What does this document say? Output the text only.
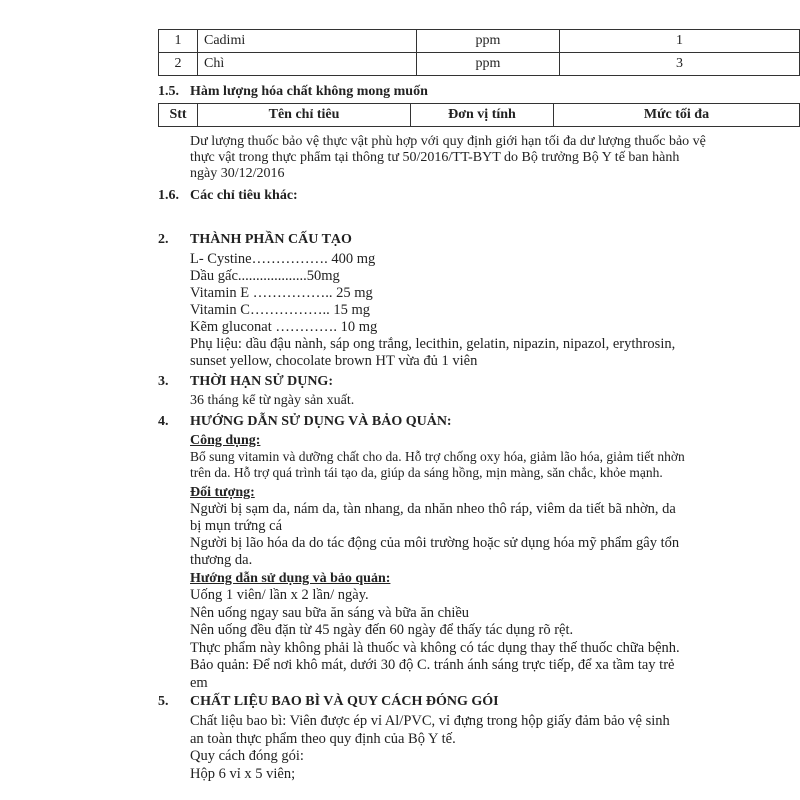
1	Cadimi	ppm	1
2	Chì	ppm	3
1.5. Hàm lượng hóa chất không mong muốn
Stt	Tên chỉ tiêu	Đơn vị tính	Mức tối đa
Dư lượng thuốc bảo vệ thực vật phù hợp với quy định giới hạn tối đa dư lượng thuốc bảo vệ
thực vật trong thực phẩm tại thông tư 50/2016/TT-BYT do Bộ trưởng Bộ Y tế ban hành
ngày 30/12/2016
1.6. Các chỉ tiêu khác:
2. THÀNH PHẦN CẤU TẠO
L- Cystine……………. 400 mg
Dầu gấc...................50mg
Vitamin E …………….. 25 mg
Vitamin C…………….. 15 mg
Kẽm gluconat …………. 10 mg
Phụ liệu: dầu đậu nành, sáp ong trắng, lecithin, gelatin, nipazin, nipazol, erythrosin,
sunset yellow, chocolate brown HT vừa đủ 1 viên
3. THỜI HẠN SỬ DỤNG:
36 tháng kể từ ngày sản xuất.
4. HƯỚNG DẪN SỬ DỤNG VÀ BẢO QUẢN:
Công dụng:
Bổ sung vitamin và dưỡng chất cho da. Hỗ trợ chống oxy hóa, giảm lão hóa, giảm tiết nhờn
trên da. Hỗ trợ quá trình tái tạo da, giúp da sáng hồng, mịn màng, săn chắc, khỏe mạnh.
Đối tượng:
Người bị sạm da, nám da, tàn nhang, da nhăn nheo thô ráp, viêm da tiết bã nhờn, da
bị mụn trứng cá
Người bị lão hóa da do tác động của môi trường hoặc sử dụng hóa mỹ phẩm gây tổn
thương da.
Hướng dẫn sử dụng và bảo quản:
Uống 1 viên/ lần x 2 lần/ ngày.
Nên uống ngay sau bữa ăn sáng và bữa ăn chiều
Nên uống đều đặn từ 45 ngày đến 60 ngày để thấy tác dụng rõ rệt.
Thực phẩm này không phải là thuốc và không có tác dụng thay thế thuốc chữa bệnh.
Bảo quản: Để nơi khô mát, dưới 30 độ C. tránh ánh sáng trực tiếp, để xa tầm tay trẻ
em
5. CHẤT LIỆU BAO BÌ VÀ QUY CÁCH ĐÓNG GÓI
Chất liệu bao bì: Viên được ép vỉ Al/PVC, vỉ đựng trong hộp giấy đảm bảo vệ sinh
an toàn thực phẩm theo quy định của Bộ Y tế.
Quy cách đóng gói:
Hộp 6 vỉ x 5 viên;
